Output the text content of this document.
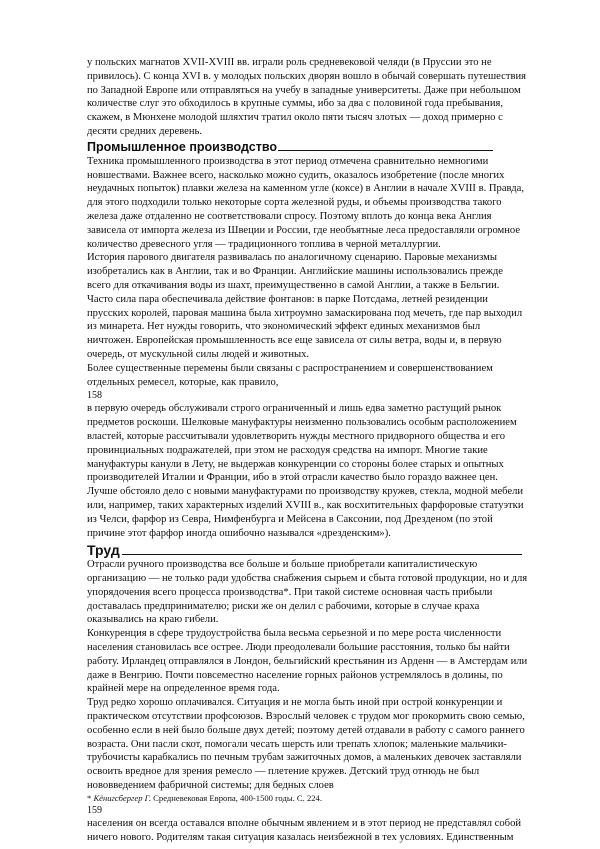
у польских магнатов XVII-XVIII вв. играли роль средневековой челяди (в Пруссии это не привилось). С конца XVI в. у молодых польских дворян вошло в обычай совершать путешествия по Западной Европе или отправляться на учебу в западные университеты. Даже при небольшом количестве слуг это обходилось в крупные суммы, ибо за два с половиной года пребывания, скажем, в Мюнхене молодой шляхтич тратил около пяти тысяч злотых — доход примерно с десяти средних деревень.

Промышленное производство

Техника промышленного производства в этот период отмечена сравнительно немногими новшествами. Важнее всего, насколько можно судить, оказалось изобретение (после многих неудачных попыток) плавки железа на каменном угле (коксе) в Англии в начале XVIII в. Правда, для этого подходили только некоторые сорта железной руды, и объемы производства такого железа даже отдаленно не соответствовали спросу. Поэтому вплоть до конца века Англия зависела от импорта железа из Швеции и России, где необъятные леса предоставляли огромное количество древесного угля — традиционного топлива в черной металлургии.

История парового двигателя развивалась по аналогичному сценарию. Паровые механизмы изобретались как в Англии, так и во Франции. Английские машины использовались прежде всего для откачивания воды из шахт, преимущественно в самой Англии, а также в Бельгии. Часто сила пара обеспечивала действие фонтанов: в парке Потсдама, летней резиденции прусских королей, паровая машина была хитроумно замаскирована под мечеть, где пар выходил из минарета. Нет нужды говорить, что экономический эффект единых механизмов был ничтожен. Европейская промышленность все еще зависела от силы ветра, воды и, в первую очередь, от мускульной силы людей и животных.

Более существенные перемены были связаны с распространением и совершенствованием отдельных ремесел, которые, как правило,

158

в первую очередь обслуживали строго ограниченный и лишь едва заметно растущий рынок предметов роскоши. Шелковые мануфактуры неизменно пользовались особым расположением властей, которые рассчитывали удовлетворить нужды местного придворного общества и его провинциальных подражателей, при этом не расходуя средства на импорт. Многие такие мануфактуры канули в Лету, не выдержав конкуренции со стороны более старых и опытных производителей Италии и Франции, ибо в этой отрасли качество было гораздо важнее цен. Лучше обстояло дело с новыми мануфактурами по производству кружев, стекла, модной мебели или, например, таких характерных изделий XVIII в., как восхитительных фарфоровые статуэтки из Челси, фарфор из Севра, Нимфенбурга и Мейсена в Саксонии, под Дрезденом (по этой причине этот фарфор иногда ошибочно назывался «дрезденским»).

Труд

Отрасли ручного производства все больше и больше приобретали капиталистическую организацию — не только ради удобства снабжения сырьем и сбыта готовой продукции, но и для упорядочения всего процесса производства*. При такой системе основная часть прибыли доставалась предпринимателю; риски же он делил с рабочими, которые в случае краха оказывались на краю гибели.

Конкуренция в сфере трудоустройства была весьма серьезной и по мере роста численности населения становилась все острее. Люди преодолевали большие расстояния, только бы найти работу. Ирландец отправлялся в Лондон, бельгийский крестьянин из Арденн — в Амстердам или даже в Венгрию. Почти повсеместно население горных районов устремлялось в долины, по крайней мере на определенное время года.

Труд редко хорошо оплачивался. Ситуация и не могла быть иной при острой конкуренции и практическом отсутствии профсоюзов. Взрослый человек с трудом мог прокормить свою семью, особенно если в ней было больше двух детей; поэтому детей отдавали в работу с самого раннего возраста. Они пасли скот, помогали чесать шерсть или трепать хлопок; маленькие мальчики-трубочисты карабкались по печным трубам зажиточных домов, а маленьких девочек заставляли освоить вредное для зрения ремесло — плетение кружев. Детский труд отнюдь не был нововведением фабричной системы; для бедных слоев

* Кёнигсбергер Г. Средневековая Европа, 400-1500 годы. С. 224.

159

населения он всегда оставался вполне обычным явлением и в этот период не представлял собой ничего нового. Родителям такая ситуация казалась неизбежной в тех условиях. Единственным
